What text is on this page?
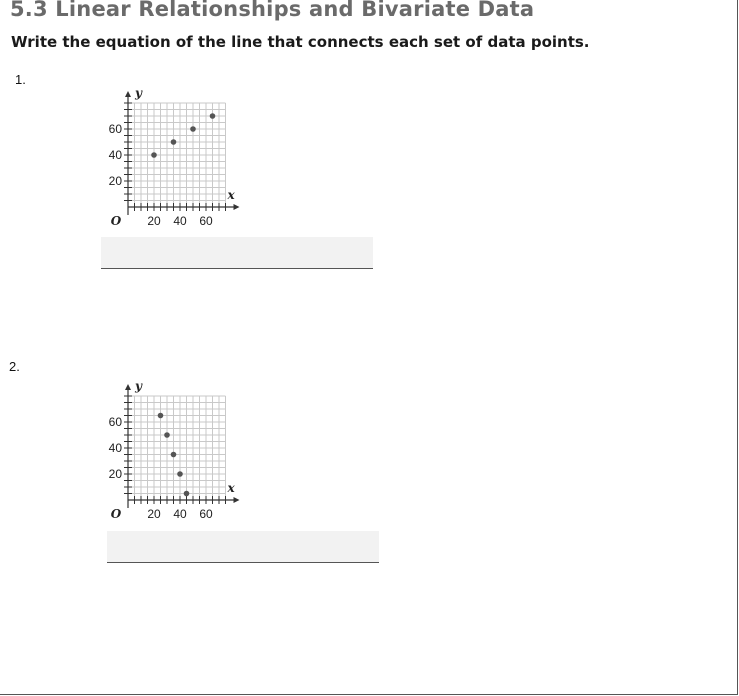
5.3 Linear Relationships and Bivariate Data

Write the equation of the line that connects each set of data points.

1.
20 40 60
20
40
60
y
x
O
2.
20 40 60
20
40
60
y
x
O
